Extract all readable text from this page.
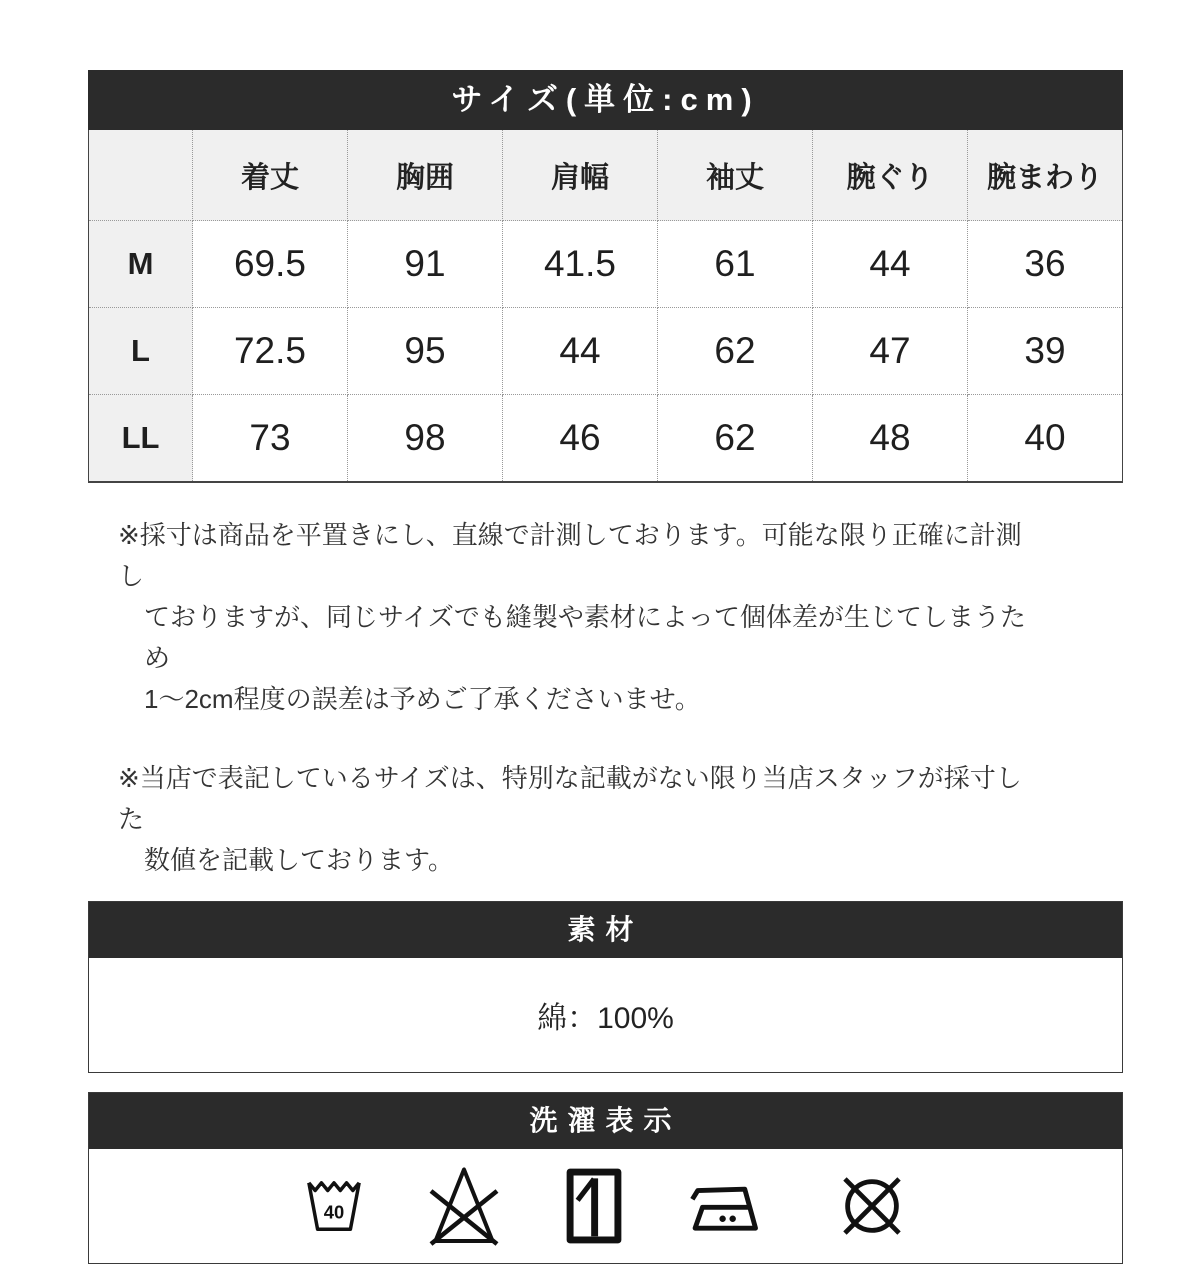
サイズ(単位:cm)
	着丈	胸囲	肩幅	袖丈	腕ぐり	腕まわり
M	69.5	91	41.5	61	44	36
L	72.5	95	44	62	47	39
LL	73	98	46	62	48	40
※採寸は商品を平置きにし、直線で計測しております。可能な限り正確に計測し
ておりますが、同じサイズでも縫製や素材によって個体差が生じてしまうため
1〜2cm程度の誤差は予めご了承くださいませ。
※当店で表記しているサイズは、特別な記載がない限り当店スタッフが採寸した
数値を記載しております。
素材
綿：100%
洗濯表示
40
